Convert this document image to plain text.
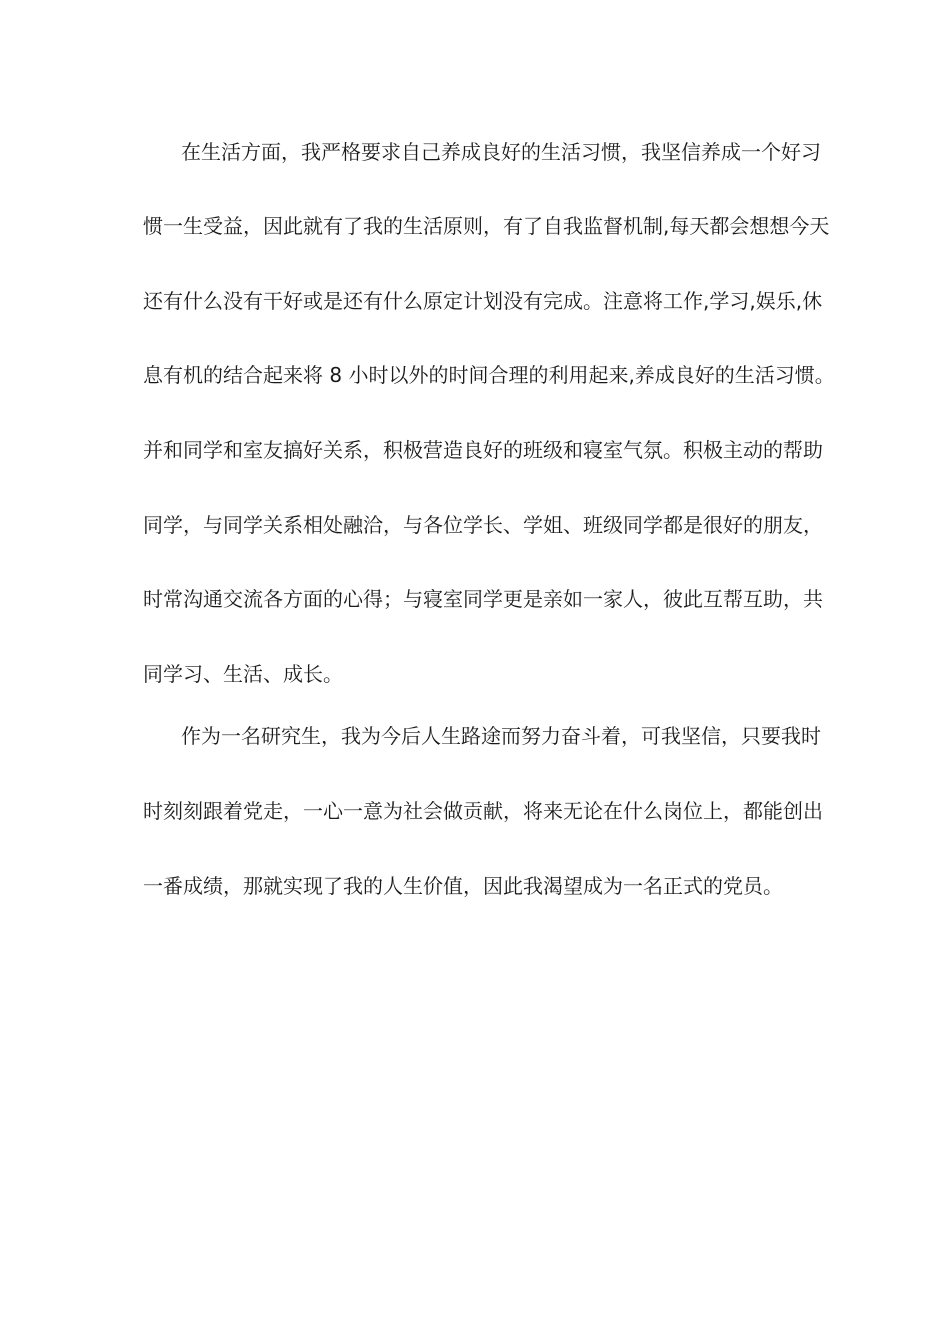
在生活方面，我严格要求自己养成良好的生活习惯，我坚信养成一个好习
惯一生受益，因此就有了我的生活原则，有了自我监督机制,每天都会想想今天
还有什么没有干好或是还有什么原定计划没有完成。注意将工作,学习,娱乐,休
息有机的结合起来将 8 小时以外的时间合理的利用起来,养成良好的生活习惯。
并和同学和室友搞好关系，积极营造良好的班级和寝室气氛。积极主动的帮助
同学，与同学关系相处融洽，与各位学长、学姐、班级同学都是很好的朋友，
时常沟通交流各方面的心得；与寝室同学更是亲如一家人，彼此互帮互助，共
同学习、生活、成长。
作为一名研究生，我为今后人生路途而努力奋斗着，可我坚信，只要我时
时刻刻跟着党走，一心一意为社会做贡献，将来无论在什么岗位上，都能创出
一番成绩，那就实现了我的人生价值，因此我渴望成为一名正式的党员。
